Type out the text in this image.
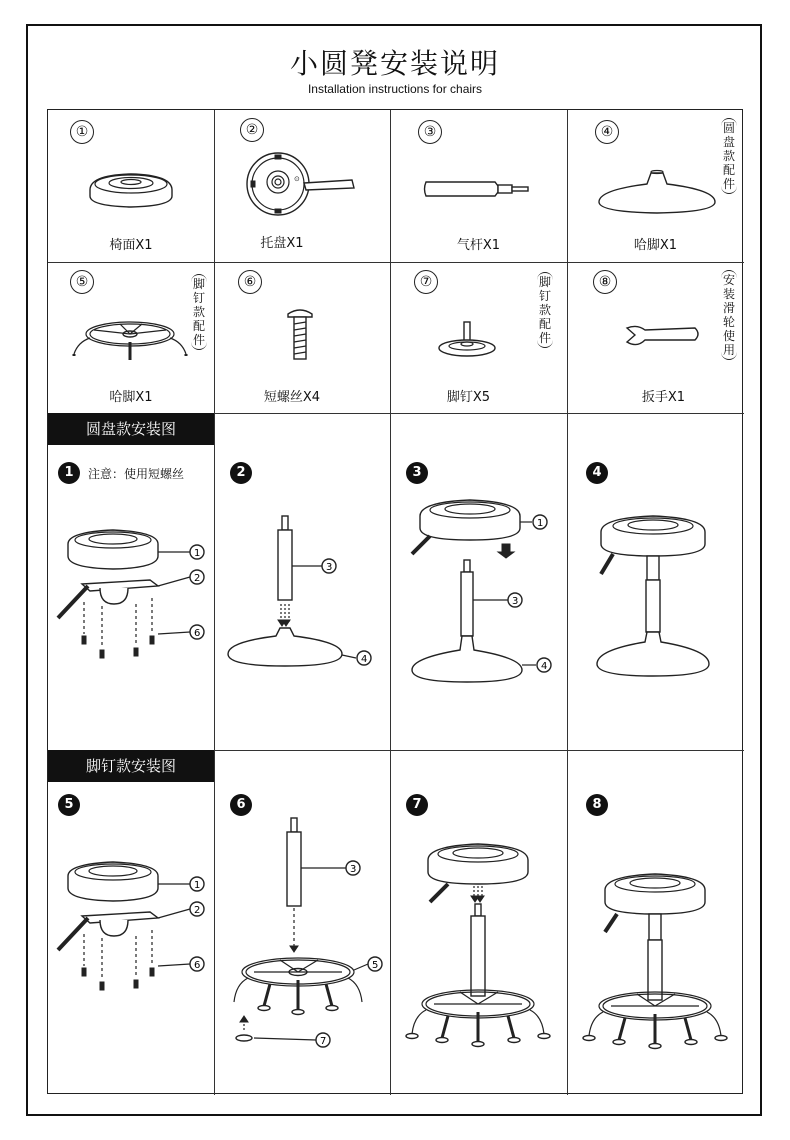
小圆凳安装说明
Installation instructions for chairs
①
椅面X1
②
⊙
托盘X1
③
气杆X1
④
哈脚X1
圆盘款配件
⑤
哈脚X1
脚钉款配件
⑥
短螺丝X4
⑦
脚钉X5
脚钉款配件
⑧
扳手X1
安装滑轮使用
圆盘款安装图
1	注意：使用短螺丝
1
2
6
2
3
4
3
1
3
4
4
脚钉款安装图
5
1
2
6
6
3
5
7
7	8
